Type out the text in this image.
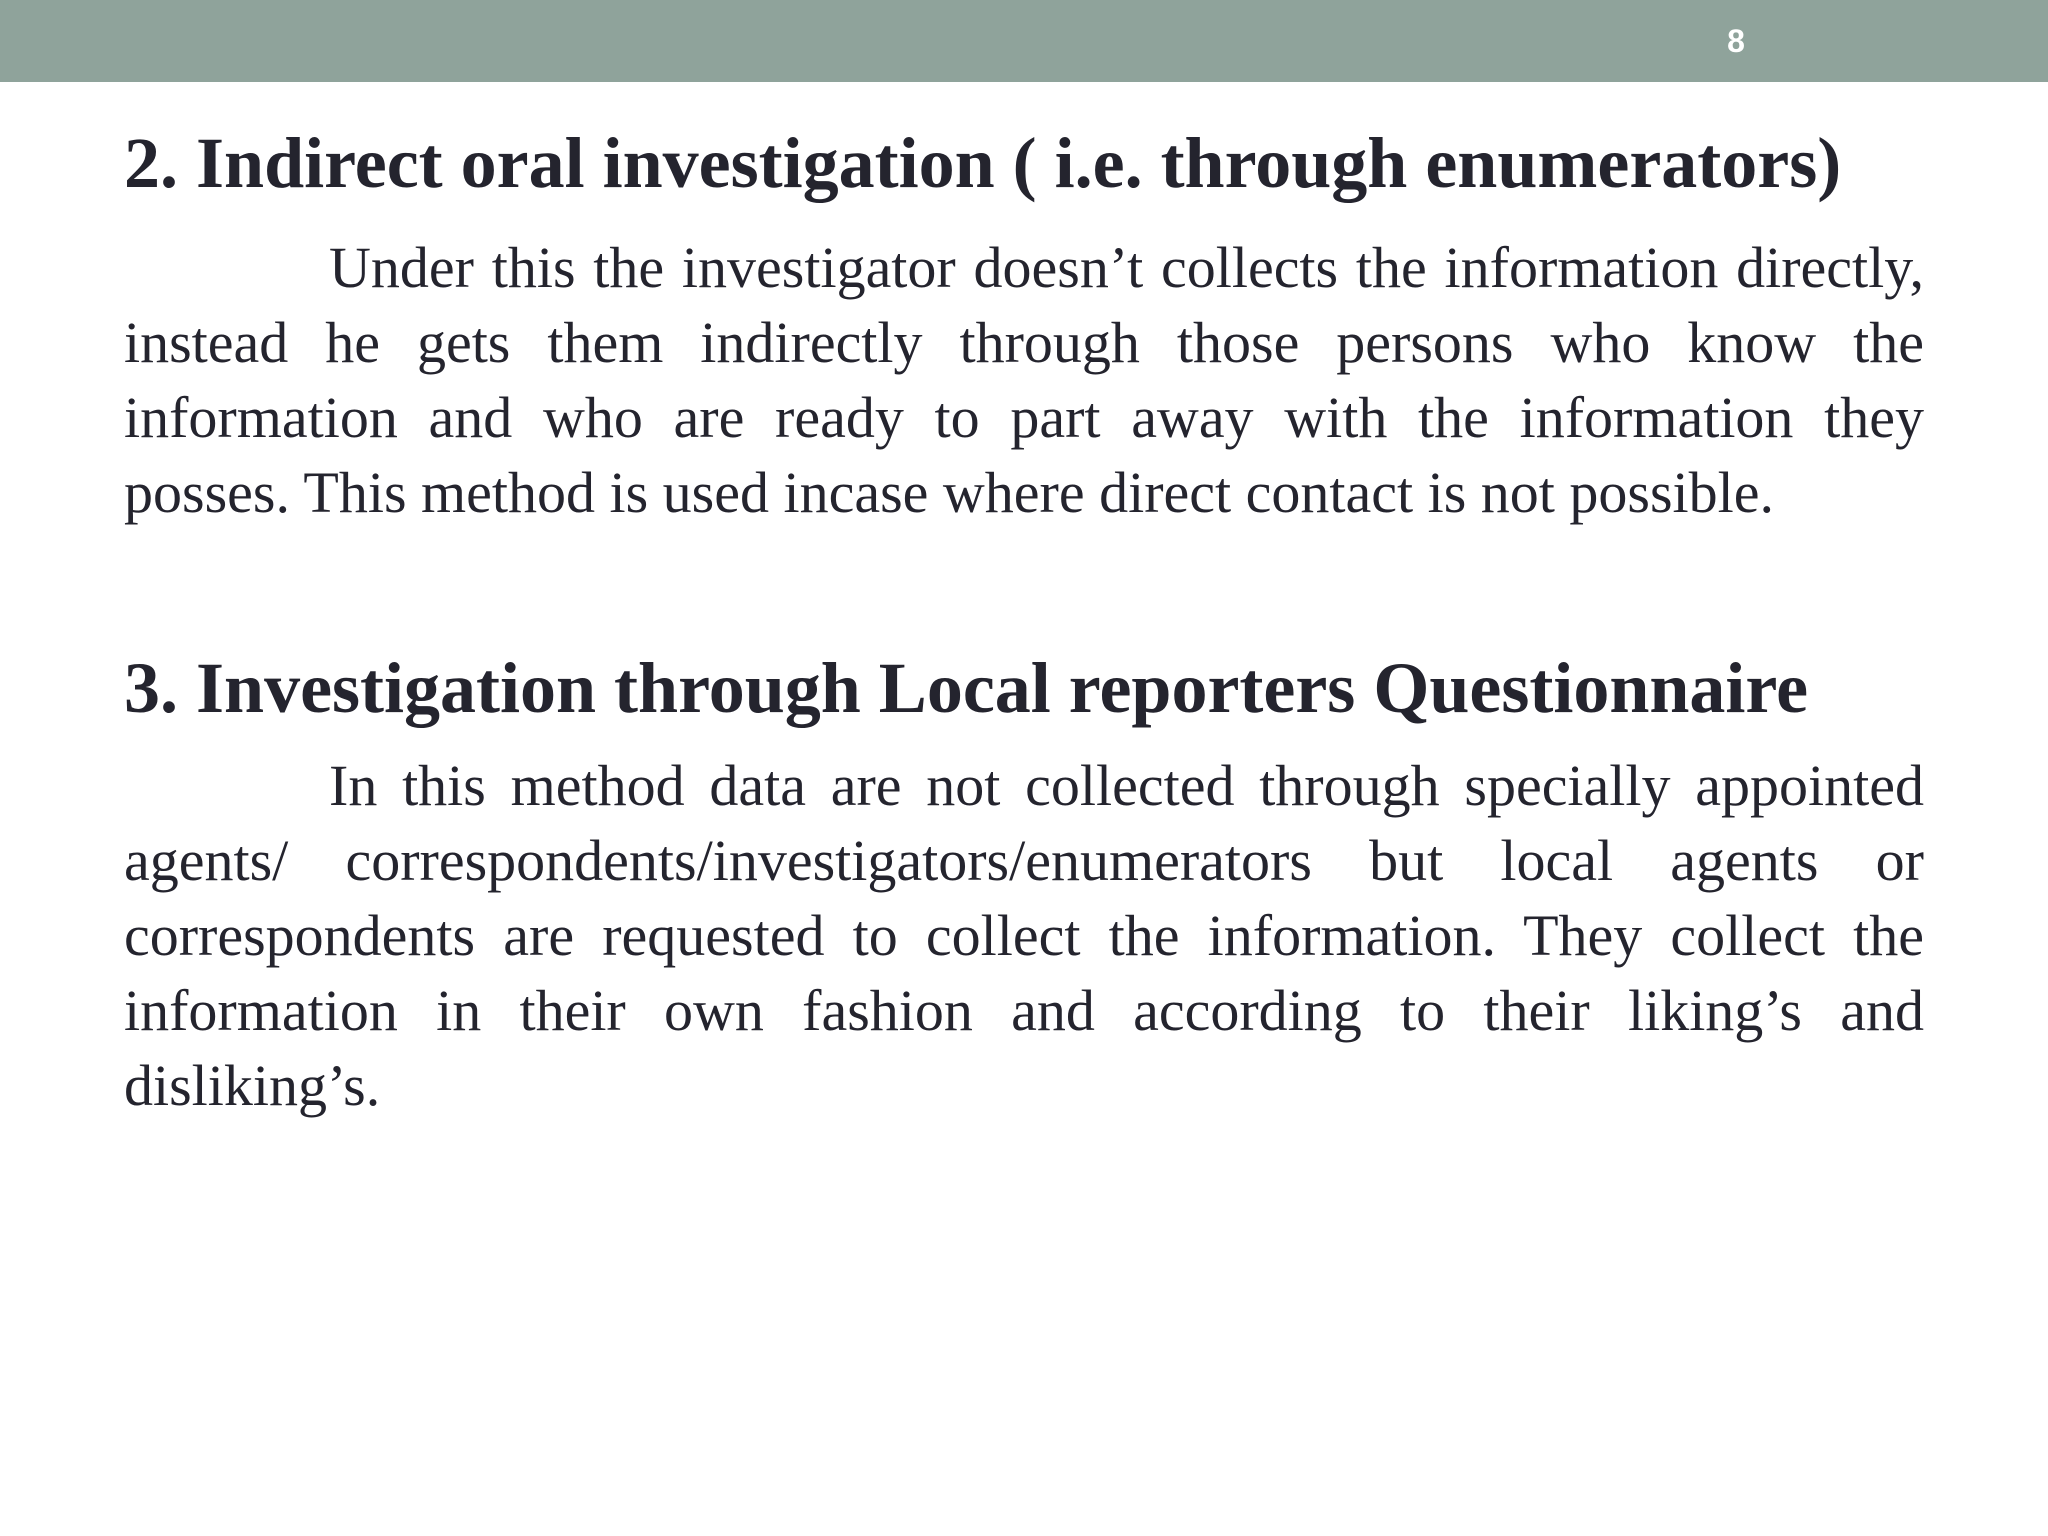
8
2. Indirect oral investigation ( i.e. through enumerators)

Under this the investigator doesn’t collects the information directly, instead he gets them indirectly through those persons who know the information and who are ready to part away with the information they posses. This method is used incase where direct contact is not possible.

3. Investigation through Local reporters Questionnaire

In this method data are not collected through specially appointed agents/ correspondents/investigators/enumerators but local agents or correspondents are requested to collect the information. They collect the information in their own fashion and according to their liking’s and disliking’s.
